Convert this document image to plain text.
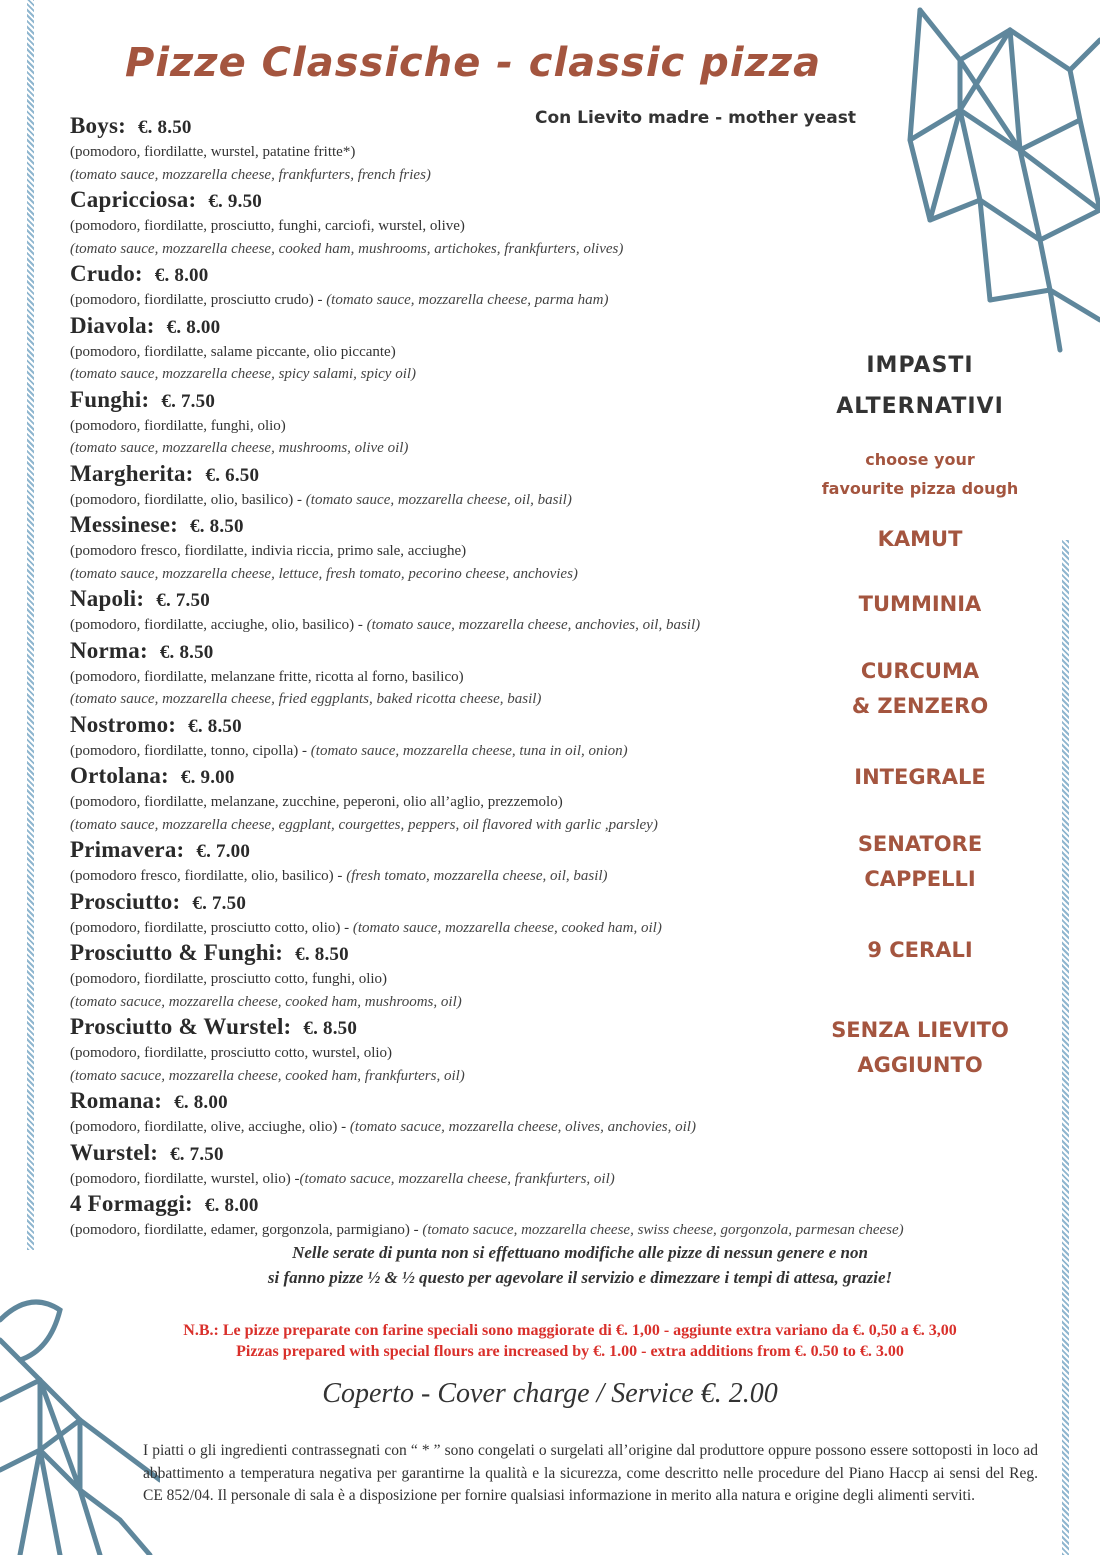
Pizze Classiche - classic pizza
Con Lievito madre - mother yeast
Boys: €. 8.50
(pomodoro, fiordilatte, wurstel, patatine fritte*)
(tomato sauce, mozzarella cheese, frankfurters, french fries)
Capricciosa: €. 9.50
(pomodoro, fiordilatte, prosciutto, funghi, carciofi, wurstel, olive)
(tomato sauce, mozzarella cheese, cooked ham, mushrooms, artichokes, frankfurters, olives)
Crudo: €. 8.00
(pomodoro, fiordilatte, prosciutto crudo) - (tomato sauce, mozzarella cheese, parma ham)
Diavola: €. 8.00
(pomodoro, fiordilatte, salame piccante, olio piccante)
(tomato sauce, mozzarella cheese, spicy salami, spicy oil)
Funghi: €. 7.50
(pomodoro, fiordilatte, funghi, olio)
(tomato sauce, mozzarella cheese, mushrooms, olive oil)
Margherita: €. 6.50
(pomodoro, fiordilatte, olio, basilico) - (tomato sauce, mozzarella cheese, oil, basil)
Messinese: €. 8.50
(pomodoro fresco, fiordilatte, indivia riccia, primo sale, acciughe)
(tomato sauce, mozzarella cheese, lettuce, fresh tomato, pecorino cheese, anchovies)
Napoli: €. 7.50
(pomodoro, fiordilatte, acciughe, olio, basilico) - (tomato sauce, mozzarella cheese, anchovies, oil, basil)
Norma: €. 8.50
(pomodoro, fiordilatte, melanzane fritte, ricotta al forno, basilico)
(tomato sauce, mozzarella cheese, fried eggplants, baked ricotta cheese, basil)
Nostromo: €. 8.50
(pomodoro, fiordilatte, tonno, cipolla) - (tomato sauce, mozzarella cheese, tuna in oil, onion)
Ortolana: €. 9.00
(pomodoro, fiordilatte, melanzane, zucchine, peperoni, olio all’aglio, prezzemolo)
(tomato sauce, mozzarella cheese, eggplant, courgettes, peppers, oil flavored with garlic ,parsley)
Primavera: €. 7.00
(pomodoro fresco, fiordilatte, olio, basilico) - (fresh tomato, mozzarella cheese, oil, basil)
Prosciutto: €. 7.50
(pomodoro, fiordilatte, prosciutto cotto, olio) - (tomato sauce, mozzarella cheese, cooked ham, oil)
Prosciutto & Funghi: €. 8.50
(pomodoro, fiordilatte, prosciutto cotto, funghi, olio)
(tomato sacuce, mozzarella cheese, cooked ham, mushrooms, oil)
Prosciutto & Wurstel: €. 8.50
(pomodoro, fiordilatte, prosciutto cotto, wurstel, olio)
(tomato sacuce, mozzarella cheese, cooked ham, frankfurters, oil)
Romana: €. 8.00
(pomodoro, fiordilatte, olive, acciughe, olio) - (tomato sacuce, mozzarella cheese, olives, anchovies, oil)
Wurstel: €. 7.50
(pomodoro, fiordilatte, wurstel, olio) -(tomato sacuce, mozzarella cheese, frankfurters, oil)
4 Formaggi: €. 8.00
(pomodoro, fiordilatte, edamer, gorgonzola, parmigiano) - (tomato sacuce, mozzarella cheese, swiss cheese, gorgonzola, parmesan cheese)
IMPASTI
ALTERNATIVI
choose your
favourite pizza dough
KAMUT
TUMMINIA
CURCUMA
& ZENZERO
INTEGRALE
SENATORE
CAPPELLI
9 CERALI
SENZA LIEVITO
AGGIUNTO
Nelle serate di punta non si effettuano modifiche alle pizze di nessun genere e non
si fanno pizze ½ & ½ questo per agevolare il servizio e dimezzare i tempi di attesa, grazie!
N.B.: Le pizze preparate con farine speciali sono maggiorate di €. 1,00 - aggiunte extra variano da €. 0,50 a €. 3,00
Pizzas prepared with special flours are increased by €. 1.00 - extra additions from €. 0.50 to €. 3.00
Coperto - Cover charge / Service €. 2.00
I piatti o gli ingredienti contrassegnati con “ * ” sono congelati o surgelati all’origine dal produttore oppure possono essere sottoposti in loco ad abbattimento a temperatura negativa per garantirne la qualità e la sicurezza, come descritto nelle procedure del Piano Haccp ai sensi del Reg. CE 852/04. Il personale di sala è a disposizione per fornire qualsiasi informazione in merito alla natura e origine degli alimenti serviti.
